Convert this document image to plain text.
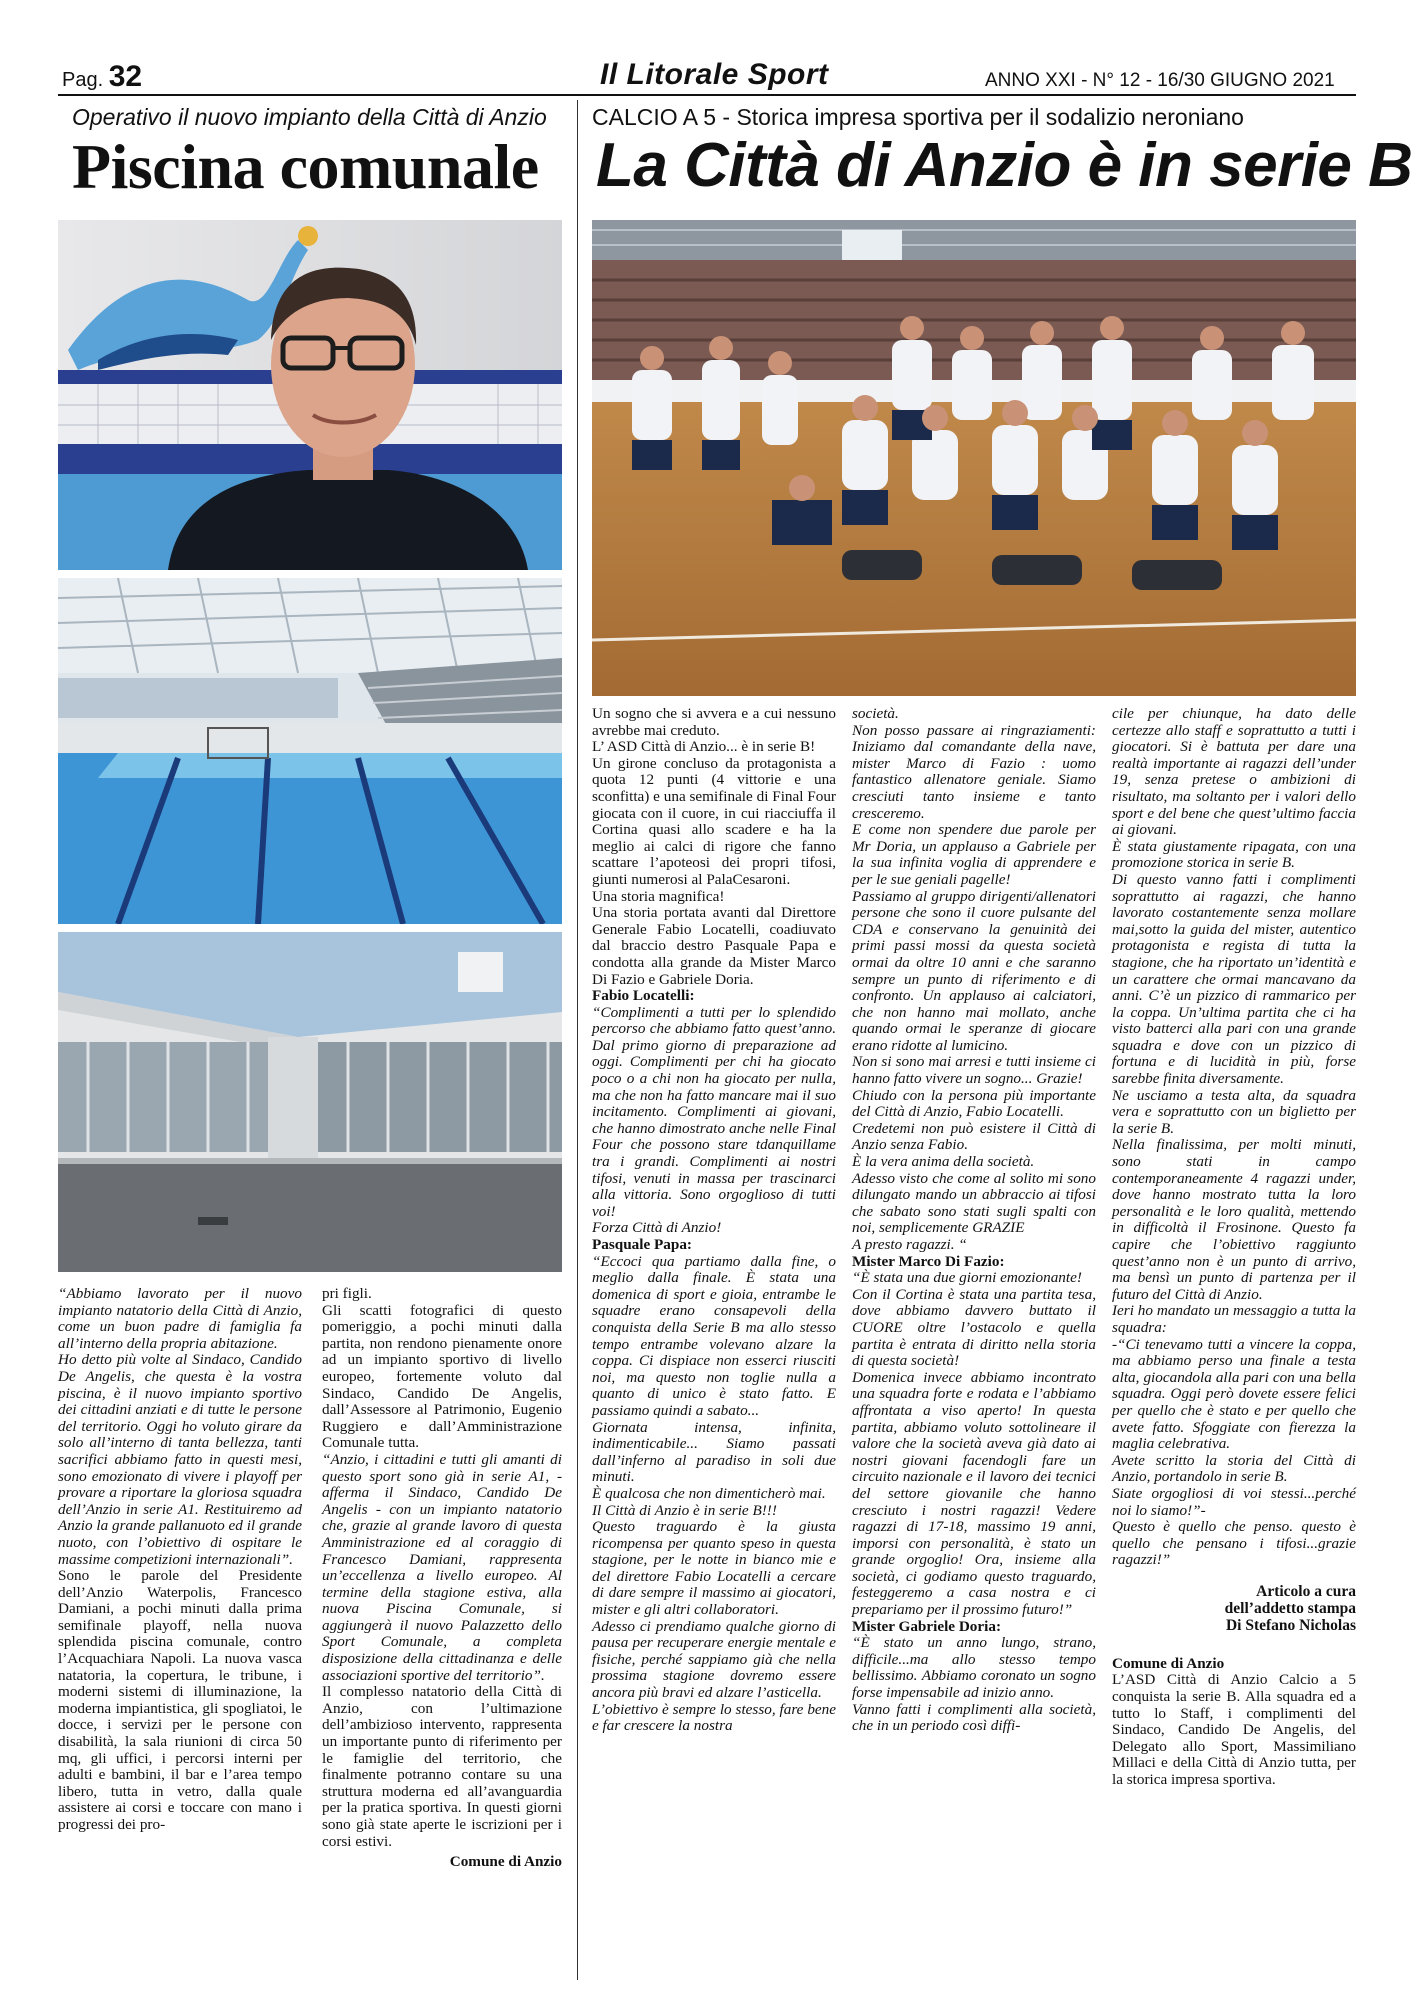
Pag. 32	Il Litorale Sport	ANNO XXI - N° 12 - 16/30 GIUGNO 2021
Operativo il nuovo impianto della Città di Anzio
Piscina comunale
CALCIO A 5 - Storica impresa sportiva per il sodalizio neroniano
La Città di Anzio è in serie B

“Abbiamo lavorato per il nuovo impianto natatorio della Città di Anzio, come un buon padre di famiglia fa all’interno della propria abitazione.

Ho detto più volte al Sindaco, Candido De Angelis, che questa è la vostra piscina, è il nuovo impianto sportivo dei cittadini anziati e di tutte le persone del territorio. Oggi ho voluto girare da solo all’interno di tanta bellezza, tanti sacrifici abbiamo fatto in questi mesi, sono emozionato di vivere i playoff per provare a riportare la gloriosa squadra dell’Anzio in serie A1. Restituiremo ad Anzio la grande pallanuoto ed il grande nuoto, con l’obiettivo di ospitare le massime competizioni internazionali”.

Sono le parole del Presidente dell’Anzio Waterpolis, Francesco Damiani, a pochi minuti dalla prima semifinale playoff, nella nuova splendida piscina comunale, contro l’Acquachiara Napoli. La nuova vasca natatoria, la copertura, le tribune, i moderni sistemi di illuminazione, la moderna impiantistica, gli spogliatoi, le docce, i servizi per le persone con disabilità, la sala riunioni di circa 50 mq, gli uffici, i percorsi interni per adulti e bambini, il bar e l’area tempo libero, tutta in vetro, dalla quale assistere ai corsi e toccare con mano i progressi dei pro-

pri figli.

Gli scatti fotografici di questo pomeriggio, a pochi minuti dalla partita, non rendono pienamente onore ad un impianto sportivo di livello europeo, fortemente voluto dal Sindaco, Candido De Angelis, dall’Assessore al Patrimonio, Eugenio Ruggiero e dall’Amministrazione Comunale tutta.

“Anzio, i cittadini e tutti gli amanti di questo sport sono già in serie A1, - afferma il Sindaco, Candido De Angelis - con un impianto natatorio che, grazie al grande lavoro di questa Amministrazione ed al coraggio di Francesco Damiani, rappresenta un’eccellenza a livello europeo. Al termine della stagione estiva, alla nuova Piscina Comunale, si aggiungerà il nuovo Palazzetto dello Sport Comunale, a completa disposizione della cittadinanza e delle associazioni sportive del territorio”.

Il complesso natatorio della Città di Anzio, con l’ultimazione dell’ambizioso intervento, rappresenta un importante punto di riferimento per le famiglie del territorio, che finalmente potranno contare su una struttura moderna ed all’avanguardia per la pratica sportiva. In questi giorni sono già state aperte le iscrizioni per i corsi estivi.

Comune di Anzio

Un sogno che si avvera e a cui nessuno avrebbe mai creduto.

L’ ASD Città di Anzio... è in serie B!

Un girone concluso da protagonista a quota 12 punti (4 vittorie e una sconfitta) e una semifinale di Final Four giocata con il cuore, in cui riacciuffa il Cortina quasi allo scadere e ha la meglio ai calci di rigore che fanno scattare l’apoteosi dei propri tifosi, giunti numerosi al PalaCesaroni.

Una storia magnifica!

Una storia portata avanti dal Direttore Generale Fabio Locatelli, coadiuvato dal braccio destro Pasquale Papa e condotta alla grande da Mister Marco Di Fazio e Gabriele Doria.

Fabio Locatelli:

“Complimenti a tutti per lo splendido percorso che abbiamo fatto quest’anno. Dal primo giorno di preparazione ad oggi. Complimenti per chi ha giocato poco o a chi non ha giocato per nulla, ma che non ha fatto mancare mai il suo incitamento. Complimenti ai giovani, che hanno dimostrato anche nelle Final Four che possono stare tdanquillame tra i grandi. Complimenti ai nostri tifosi, venuti in massa per trascinarci alla vittoria. Sono orgoglioso di tutti voi!

Forza Città di Anzio!

Pasquale Papa:

“Eccoci qua partiamo dalla fine, o meglio dalla finale. È stata una domenica di sport e gioia, entrambe le squadre erano consapevoli della conquista della Serie B ma allo stesso tempo entrambe volevano alzare la coppa. Ci dispiace non esserci riusciti noi, ma questo non toglie nulla a quanto di unico è stato fatto. E passiamo quindi a sabato...

Giornata intensa, infinita, indimenticabile... Siamo passati dall’inferno al paradiso in soli due minuti.

È qualcosa che non dimenticherò mai.

Il Città di Anzio è in serie B!!!

Questo traguardo è la giusta ricompensa per quanto speso in questa stagione, per le notte in bianco mie e del direttore Fabio Locatelli a cercare di dare sempre il massimo ai giocatori, mister e gli altri collaboratori.

Adesso ci prendiamo qualche giorno di pausa per recuperare energie mentale e fisiche, perché sappiamo già che nella prossima stagione dovremo essere ancora più bravi ed alzare l’asticella.

L’obiettivo è sempre lo stesso, fare bene e far crescere la nostra

società.

Non posso passare ai ringraziamenti: Iniziamo dal comandante della nave, mister Marco di Fazio : uomo fantastico allenatore geniale. Siamo cresciuti tanto insieme e tanto cresceremo.

E come non spendere due parole per Mr Doria, un applauso a Gabriele per la sua infinita voglia di apprendere e per le sue geniali pagelle!

Passiamo al gruppo dirigenti/allenatori persone che sono il cuore pulsante del CDA e conservano la genuinità dei primi passi mossi da questa società ormai da oltre 10 anni e che saranno sempre un punto di riferimento e di confronto. Un applauso ai calciatori, che non hanno mai mollato, anche quando ormai le speranze di giocare erano ridotte al lumicino.

Non si sono mai arresi e tutti insieme ci hanno fatto vivere un sogno... Grazie!

Chiudo con la persona più importante del Città di Anzio, Fabio Locatelli.

Credetemi non può esistere il Città di Anzio senza Fabio.

È la vera anima della società.

Adesso visto che come al solito mi sono dilungato mando un abbraccio ai tifosi che sabato sono stati sugli spalti con noi, semplicemente GRAZIE

A presto ragazzi. “

Mister Marco Di Fazio:

“È stata una due giorni emozionante!

Con il Cortina è stata una partita tesa, dove abbiamo davvero buttato il CUORE oltre l’ostacolo e quella partita è entrata di diritto nella storia di questa società!

Domenica invece abbiamo incontrato una squadra forte e rodata e l’abbiamo affrontata a viso aperto! In questa partita, abbiamo voluto sottolineare il valore che la società aveva già dato ai nostri giovani facendogli fare un circuito nazionale e il lavoro dei tecnici del settore giovanile che hanno cresciuto i nostri ragazzi! Vedere ragazzi di 17-18, massimo 19 anni, imporsi con personalità, è stato un grande orgoglio! Ora, insieme alla società, ci godiamo questo traguardo, festeggeremo a casa nostra e ci prepariamo per il prossimo futuro!”

Mister Gabriele Doria:

“È stato un anno lungo, strano, difficile...ma allo stesso tempo bellissimo. Abbiamo coronato un sogno forse impensabile ad inizio anno.

Vanno fatti i complimenti alla società, che in un periodo così diffi-

cile per chiunque, ha dato delle certezze allo staff e soprattutto a tutti i giocatori. Si è battuta per dare una realtà importante ai ragazzi dell’under 19, senza pretese o ambizioni di risultato, ma soltanto per i valori dello sport e del bene che quest’ultimo faccia ai giovani.

È stata giustamente ripagata, con una promozione storica in serie B.

Di questo vanno fatti i complimenti soprattutto ai ragazzi, che hanno lavorato costantemente senza mollare mai,sotto la guida del mister, autentico protagonista e regista di tutta la stagione, che ha riportato un’identità e un carattere che ormai mancavano da anni. C’è un pizzico di rammarico per la coppa. Un’ultima partita che ci ha visto batterci alla pari con una grande squadra e dove con un pizzico di fortuna e di lucidità in più, forse sarebbe finita diversamente.

Ne usciamo a testa alta, da squadra vera e soprattutto con un biglietto per la serie B.

Nella finalissima, per molti minuti, sono stati in campo contemporaneamente 4 ragazzi under, dove hanno mostrato tutta la loro personalità e le loro qualità, mettendo in difficoltà il Frosinone. Questo fa capire che l’obiettivo raggiunto quest’anno non è un punto di arrivo, ma bensì un punto di partenza per il futuro del Città di Anzio.

Ieri ho mandato un messaggio a tutta la squadra:

-“Ci tenevamo tutti a vincere la coppa, ma abbiamo perso una finale a testa alta, giocandola alla pari con una bella squadra. Oggi però dovete essere felici per quello che è stato e per quello che avete fatto. Sfoggiate con fierezza la maglia celebrativa.

Avete scritto la storia del Città di Anzio, portandolo in serie B.

Siate orgogliosi di voi stessi...perché noi lo siamo!”-

Questo è quello che penso. questo è quello che pensano i tifosi...grazie ragazzi!”

Articolo a cura
dell’addetto stampa
Di Stefano Nicholas

Comune di Anzio

L’ASD Città di Anzio Calcio a 5 conquista la serie B. Alla squadra ed a tutto lo Staff, i complimenti del Sindaco, Candido De Angelis, del Delegato allo Sport, Massimiliano Millaci e della Città di Anzio tutta, per la storica impresa sportiva.
